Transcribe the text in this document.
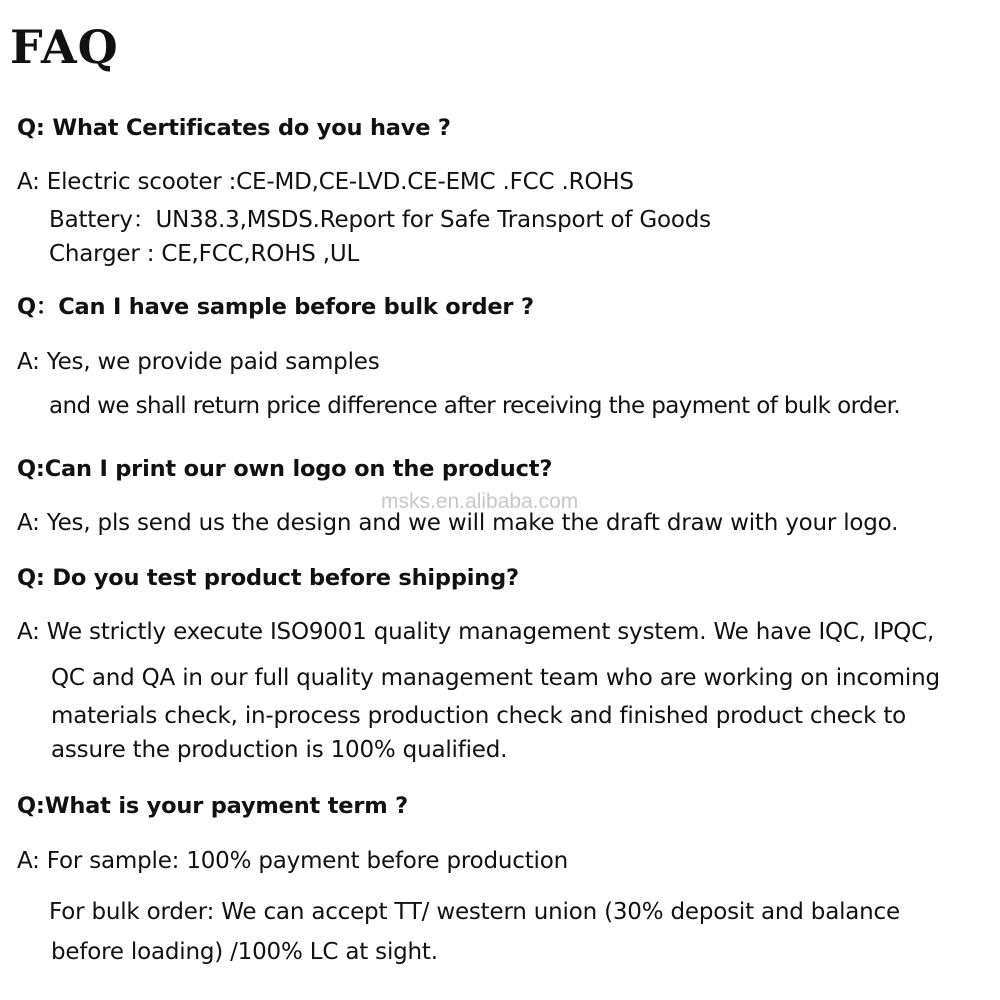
FAQ
Q: What Certificates do you have ?
A: Electric scooter :CE-MD,CE-LVD.CE-EMC .FCC .ROHS
Battery：UN38.3,MSDS.Report for Safe Transport of Goods
Charger : CE,FCC,ROHS ,UL
Q：Can I have sample before bulk order ?
A: Yes, we provide paid samples
and we shall return price difference after receiving the payment of bulk order.
Q:Can I print our own logo on the product?
msks.en.alibaba.com
A: Yes, pls send us the design and we will make the draft draw with your logo.
Q: Do you test product before shipping?
A: We strictly execute ISO9001 quality management system. We have IQC, IPQC,
QC and QA in our full quality management team who are working on incoming
materials check, in-process production check and finished product check to
assure the production is 100% qualified.
Q:What is your payment term ?
A: For sample: 100% payment before production
For bulk order: We can accept TT/ western union (30% deposit and balance
before loading) /100% LC at sight.
